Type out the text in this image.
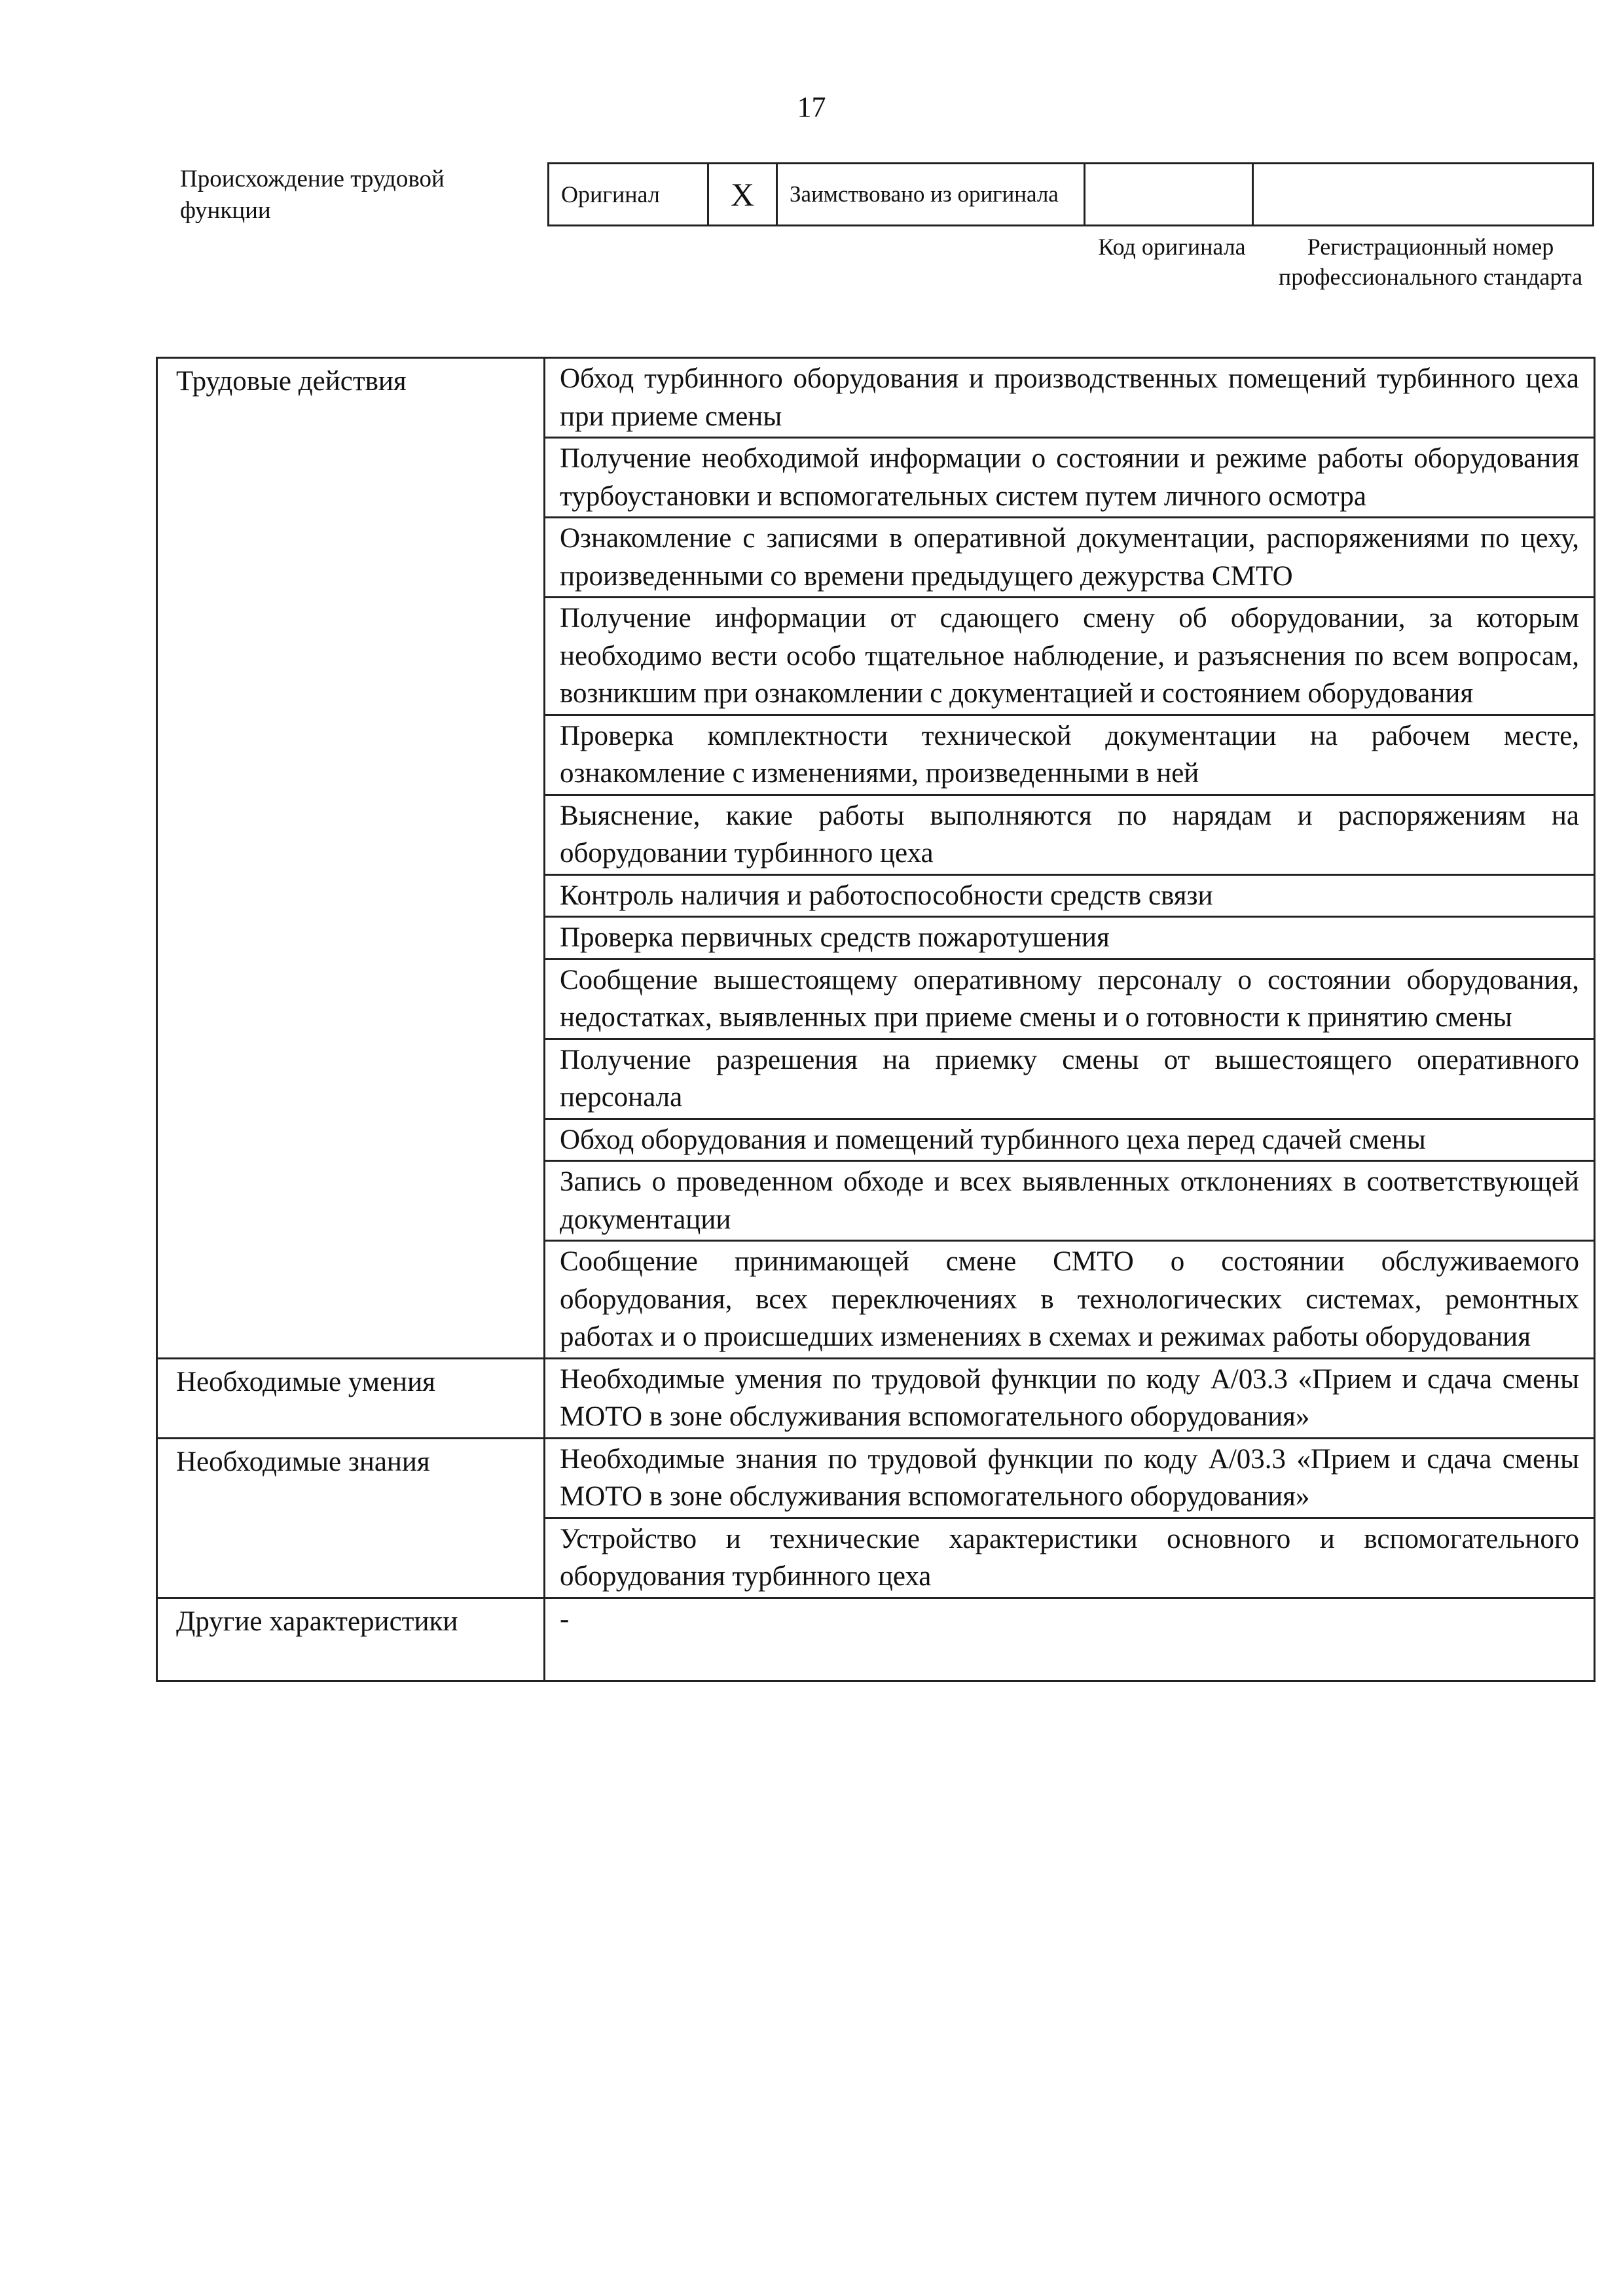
17
Происхождение трудовой функции
Оригинал	X	Заимствовано из оригинала		
Код оригинала	Регистрационный номер профессионального стандарта
Трудовые действия	Обход турбинного оборудования и производственных помещений турбинного цеха при приеме смены
	Получение необходимой информации о состоянии и режиме работы оборудования турбоустановки и вспомогательных систем путем личного осмотра
	Ознакомление с записями в оперативной документации, распоряжениями по цеху, произведенными со времени предыдущего дежурства СМТО
	Получение информации от сдающего смену об оборудовании, за которым необходимо вести особо тщательное наблюдение, и разъяснения по всем вопросам, возникшим при ознакомлении с документацией и состоянием оборудования
	Проверка комплектности технической документации на рабочем месте, ознакомление с изменениями, произведенными в ней
	Выяснение, какие работы выполняются по нарядам и распоряжениям на оборудовании турбинного цеха
	Контроль наличия и работоспособности средств связи
	Проверка первичных средств пожаротушения
	Сообщение вышестоящему оперативному персоналу о состоянии оборудования, недостатках, выявленных при приеме смены и о готовности к принятию смены
	Получение разрешения на приемку смены от вышестоящего оперативного персонала
	Обход оборудования и помещений турбинного цеха перед сдачей смены
	Запись о проведенном обходе и всех выявленных отклонениях в соответствующей документации
	Сообщение принимающей смене СМТО о состоянии обслуживаемого оборудования, всех переключениях в технологических системах, ремонтных работах и о происшедших изменениях в схемах и режимах работы оборудования
Необходимые умения	Необходимые умения по трудовой функции по коду А/03.3 «Прием и сдача смены МОТО в зоне обслуживания вспомогательного оборудования»
Необходимые знания	Необходимые знания по трудовой функции по коду А/03.3 «Прием и сдача смены МОТО в зоне обслуживания вспомогательного оборудования»
	Устройство и технические характеристики основного и вспомогательного оборудования турбинного цеха
Другие характеристики	-
